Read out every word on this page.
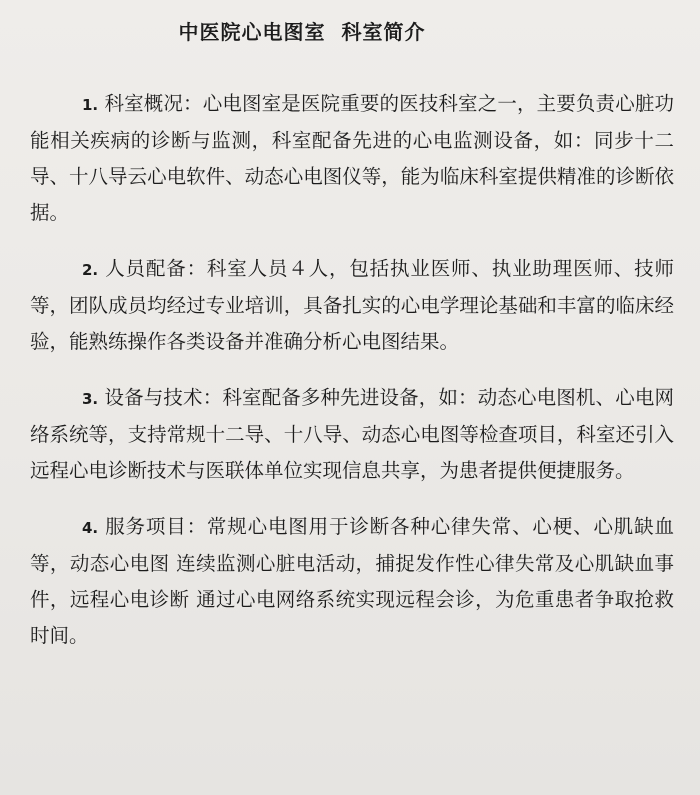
中医院心电图室  科室简介

1. 科室概况：心电图室是医院重要的医技科室之一，主要负责心脏功能相关疾病的诊断与监测，科室配备先进的心电监测设备，如：同步十二导、十八导云心电软件、动态心电图仪等，能为临床科室提供精准的诊断依据。

2. 人员配备：科室人员４人，包括执业医师、执业助理医师、技师等，团队成员均经过专业培训，具备扎实的心电学理论基础和丰富的临床经验，能熟练操作各类设备并准确分析心电图结果。

3. 设备与技术：科室配备多种先进设备，如：动态心电图机、心电网络系统等，支持常规十二导、十八导、动态心电图等检查项目，科室还引入远程心电诊断技术与医联体单位实现信息共享，为患者提供便捷服务。

4. 服务项目：常规心电图用于诊断各种心律失常、心梗、心肌缺血等，动态心电图 连续监测心脏电活动，捕捉发作性心律失常及心肌缺血事件，远程心电诊断 通过心电网络系统实现远程会诊，为危重患者争取抢救时间。
